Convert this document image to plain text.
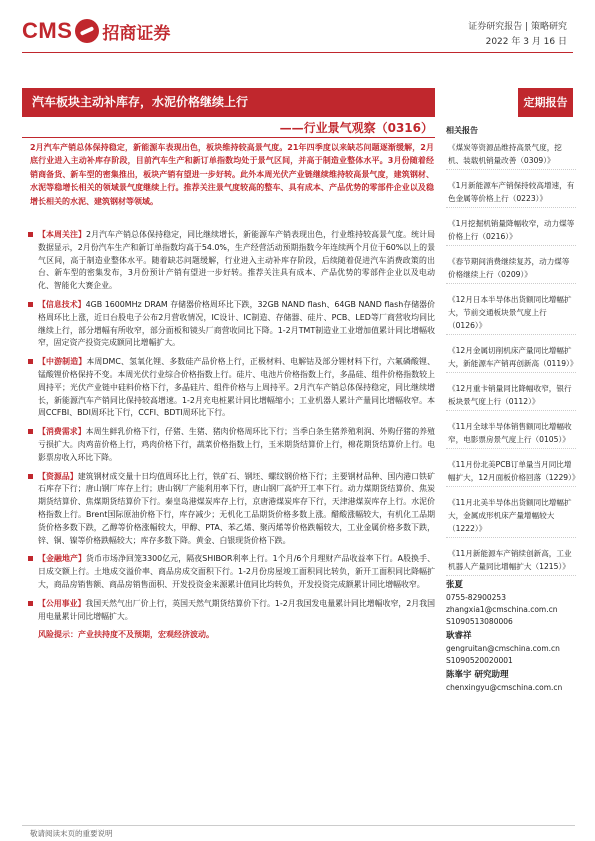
CMS 招商证券	证券研究报告 | 策略研究
2022 年 3 月 16 日
汽车板块主动补库存，水泥价格继续上行	定期报告
——行业景气观察（0316）
2月汽车产销总体保持稳定，新能源车表现出色，板块维持较高景气度。21年四季度以来缺芯问题逐渐缓解，2月底行业进入主动补库存阶段，目前汽车生产和新订单指数均处于景气区间，并高于制造业整体水平。3月份随着经销商备货、新车型的密集推出，板块产销有望进一步好转。此外本周光伏产业链继续维持较高景气度，建筑钢材、水泥等稳增长相关的领域景气度继续上行。推荐关注景气度较高的整车、具有成本、产品优势的零部件企业以及稳增长相关的水泥、建筑钢材等领域。
【本周关注】2月汽车产销总体保持稳定，同比继续增长，新能源车产销表现出色，行业维持较高景气度。统计局数据显示，2月份汽车生产和新订单指数均高于54.0%，生产经营活动预期指数今年连续两个月位于60%以上的景气区间，高于制造业整体水平。随着缺芯问题缓解，行业进入主动补库存阶段，后续随着促进汽车消费政策的出台、新车型的密集发布，3月份预计产销有望进一步好转。推荐关注具有成本、产品优势的零部件企业以及电动化、智能化大赛企业。
【信息技术】4GB 1600MHz DRAM 存储器价格周环比下跌，32GB NAND flash、64GB NAND flash存储器价格周环比上涨，近日台股电子公布2月营收情况，IC设计、IC制造、存储器、硅片、PCB、LED等厂商营收均同比继续上行，部分增幅有所收窄，部分面板和镜头厂商营收同比下降。1-2月TMT制造业工业增加值累计同比增幅收窄，固定资产投资完成额同比增幅扩大。
【中游制造】本周DMC、氢氧化锂、多数硅产品价格上行，正极材料、电解钴及部分锂材料下行，六氟磷酸锂、锰酸锂价格保持不变。本周光伏行业综合价格指数上行。硅片、电池片价格指数上行，多晶硅、组件价格指数较上周持平；光伏产业链中硅料价格下行，多晶硅片、组件价格与上周持平。2月汽车产销总体保持稳定，同比继续增长，新能源汽车产销同比保持较高增速。1-2月充电桩累计同比增幅缩小；工业机器人累计产量同比增幅收窄。本周CCFBI、BDI周环比下行，CCFI、BDTI周环比下行。
【消费需求】本周生鲜乳价格下行，仔猪、生猪、猪肉价格周环比下行；当季白条生猪养殖利润、外购仔猪的养殖亏损扩大。肉鸡苗价格上行，鸡肉价格下行，蔬菜价格指数上行，玉米期货结算价上行，棉花期货结算价上行。电影票房收入环比下降。
【资源品】建筑钢材成交量十日均值周环比上行，铁矿石、钢坯、螺纹钢价格下行；主要钢材品种、国内港口铁矿石库存下行；唐山钢厂库存上行；唐山钢厂产能利用率下行，唐山钢厂高炉开工率下行。动力煤期货结算价、焦炭期货结算价、焦煤期货结算价下行。秦皇岛港煤炭库存上行，京唐港煤炭库存下行，天津港煤炭库存上行。水泥价格指数上行。Brent国际原油价格下行，库存减少；无机化工品期货价格多数上涨。醋酸涨幅较大，有机化工品期货价格多数下跌，乙醇等价格涨幅较大，甲醇、PTA、苯乙烯、聚丙烯等价格跌幅较大，工业金属价格多数下跌，锌、铜、镍等价格跌幅较大；库存多数下降。黄金、白银现货价格下跌。
【金融地产】货币市场净回笼3300亿元，隔夜SHIBOR利率上行。1个月/6个月理财产品收益率下行。A股换手、日成交额上行。土地成交溢价率、商品房成交面积下行。1-2月份房屋竣工面积同比转负，新开工面积同比降幅扩大，商品房销售额、商品房销售面积、开发投资金来源累计值同比均转负，开发投资完成额累计同比增幅收窄。
【公用事业】我国天然气出厂价上行，英国天然气期货结算价下行。1-2月我国发电量累计同比增幅收窄，2月我国用电量累计同比增幅扩大。
风险提示：产业扶持度不及预期，宏观经济波动。
相关报告
《煤炭等资源品维持高景气度，挖机、装载机销量改善（0309）》
《1月新能源车产销保持较高增速，有色金属等价格上行（0223）》
《1月挖掘机销量降幅收窄，动力煤等价格上行（0216）》
《春节期间消费继续复苏，动力煤等价格继续上行（0209）》
《12月日本半导体出货额同比增幅扩大，节前交通板块景气度上行（0126）》
《12月金属切削机床产量同比增幅扩大，新能源车产销再创新高（0119）》
《12月重卡销量同比降幅收窄，银行板块景气度上行（0112）》
《11月全球半导体销售额同比增幅收窄，电影票房景气度上行（0105）》
《11月份北美PCB订单量当月同比增幅扩大，12月面板价格回落（1229）》
《11月北美半导体出货额同比增幅扩大，金属成形机床产量增幅较大（1222）》
《11月新能源车产销续创新高，工业机器人产量同比增幅扩大（1215）》
张夏
0755-82900253
zhangxia1@cmschina.com.cn
S1090513080006
耿睿祥
gengruitan@cmschina.com.cn
S1090520020001
陈峯宇 研究助理
chenxingyu@cmschina.com.cn
敬请阅读末页的重要说明
